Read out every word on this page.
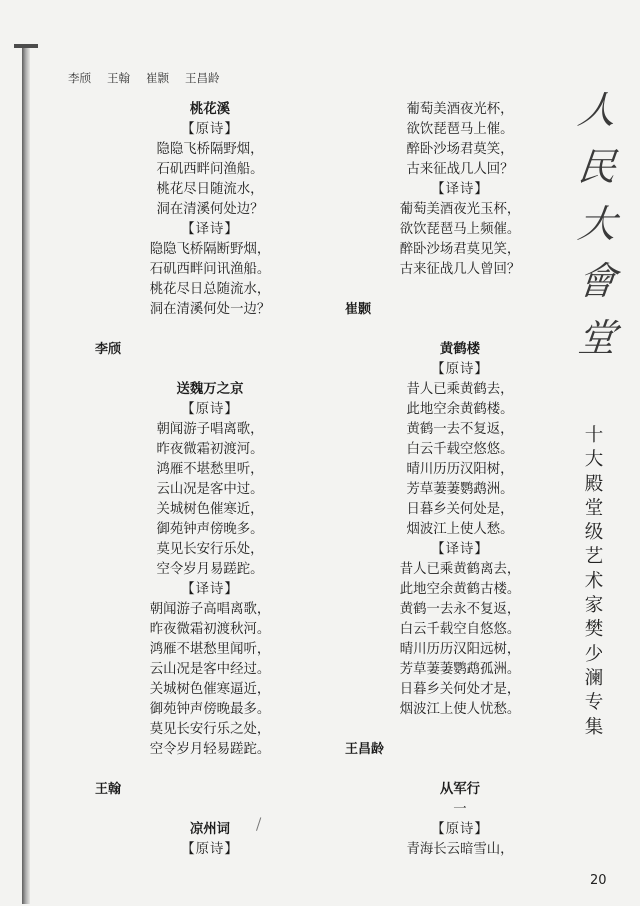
李颀 王翰 崔颢 王昌龄
桃花溪
【原诗】
隐隐飞桥隔野烟，
石矶西畔问渔船。
桃花尽日随流水，
洞在清溪何处边？
【译诗】
隐隐飞桥隔断野烟，
石矶西畔问讯渔船。
桃花尽日总随流水，
洞在清溪何处一边？
李颀
送魏万之京
【原诗】
朝闻游子唱离歌，
昨夜微霜初渡河。
鸿雁不堪愁里听，
云山况是客中过。
关城树色催寒近，
御苑钟声傍晚多。
莫见长安行乐处，
空令岁月易蹉跎。
【译诗】
朝闻游子高唱离歌，
昨夜微霜初渡秋河。
鸿雁不堪愁里闻听，
云山况是客中经过。
关城树色催寒逼近，
御苑钟声傍晚最多。
莫见长安行乐之处，
空令岁月轻易蹉跎。
王翰
凉州词
【原诗】
葡萄美酒夜光杯，
欲饮琵琶马上催。
醉卧沙场君莫笑，
古来征战几人回？
【译诗】
葡萄美酒夜光玉杯，
欲饮琵琶马上频催。
醉卧沙场君莫见笑，
古来征战几人曾回？
崔颢
黄鹤楼
【原诗】
昔人已乘黄鹤去，
此地空余黄鹤楼。
黄鹤一去不复返，
白云千载空悠悠。
晴川历历汉阳树，
芳草萋萋鹦鹉洲。
日暮乡关何处是，
烟波江上使人愁。
【译诗】
昔人已乘黄鹤离去，
此地空余黄鹤古楼。
黄鹤一去永不复返，
白云千载空自悠悠。
晴川历历汉阳远树，
芳草萋萋鹦鹉孤洲。
日暮乡关何处才是，
烟波江上使人忧愁。
王昌龄
从军行
一
【原诗】
青海长云暗雪山，
人
民
大
會
堂
十
大
殿
堂
级
艺
术
家
樊
少
澜
专
集
20
